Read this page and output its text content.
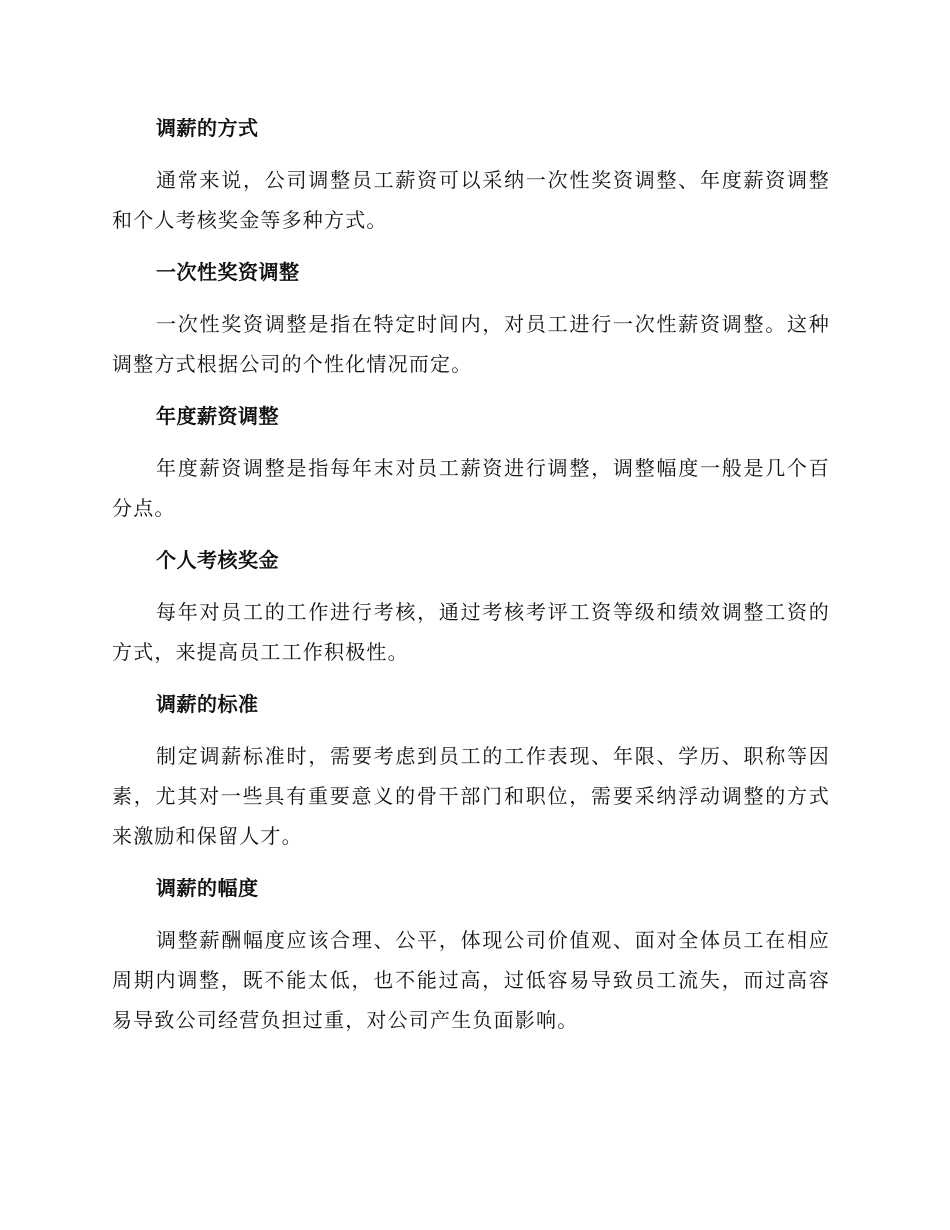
调薪的方式

通常来说，公司调整员工薪资可以采纳一次性奖资调整、年度薪资调整和个人考核奖金等多种方式。

一次性奖资调整

一次性奖资调整是指在特定时间内，对员工进行一次性薪资调整。这种调整方式根据公司的个性化情况而定。

年度薪资调整

年度薪资调整是指每年末对员工薪资进行调整，调整幅度一般是几个百分点。

个人考核奖金

每年对员工的工作进行考核，通过考核考评工资等级和绩效调整工资的方式，来提高员工工作积极性。

调薪的标准

制定调薪标准时，需要考虑到员工的工作表现、年限、学历、职称等因素，尤其对一些具有重要意义的骨干部门和职位，需要采纳浮动调整的方式来激励和保留人才。

调薪的幅度

调整薪酬幅度应该合理、公平，体现公司价值观、面对全体员工在相应周期内调整，既不能太低，也不能过高，过低容易导致员工流失，而过高容易导致公司经营负担过重，对公司产生负面影响。
